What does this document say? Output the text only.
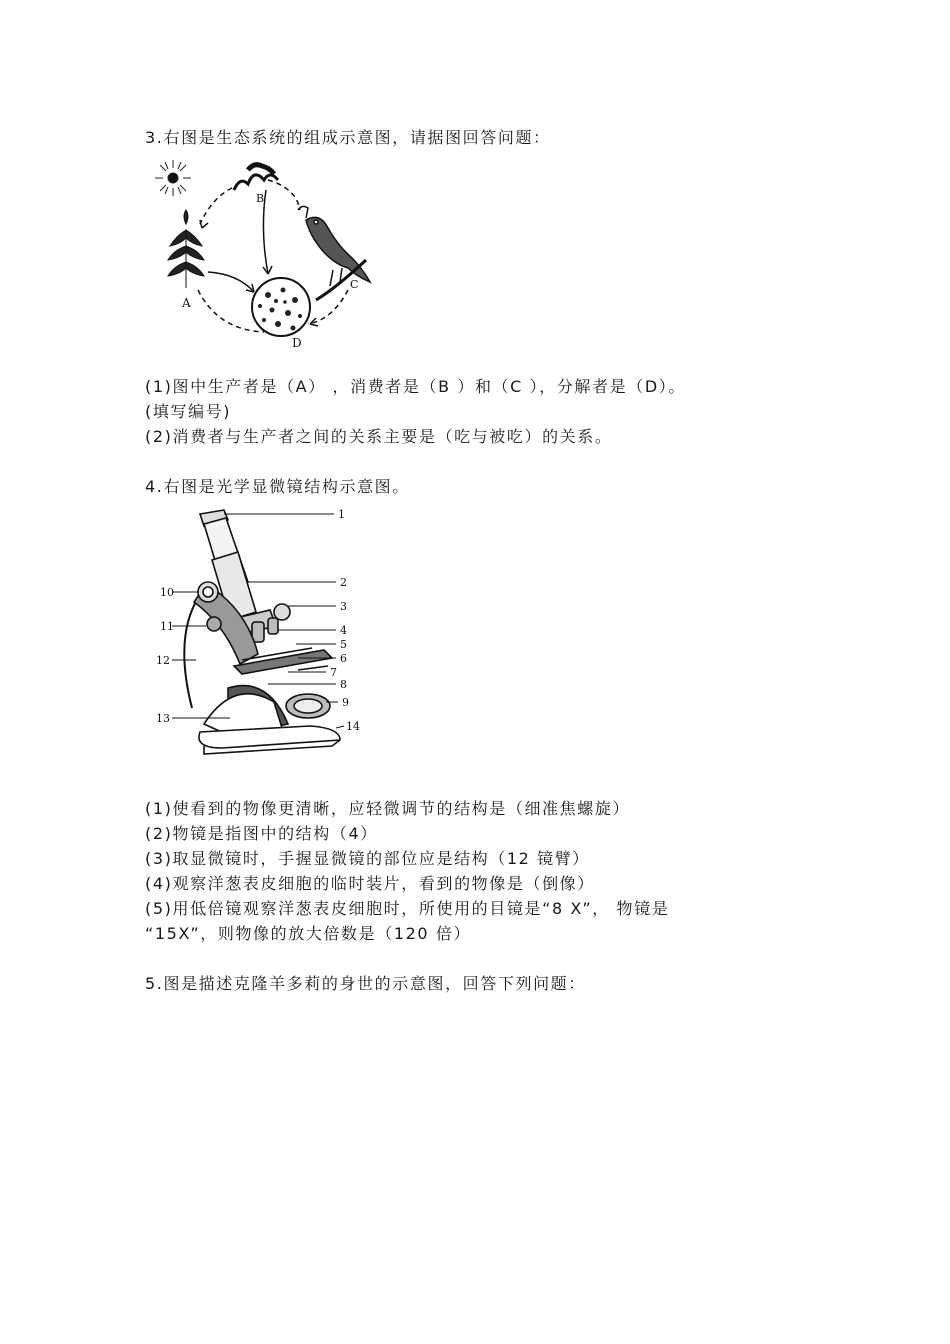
3.右图是生态系统的组成示意图，请据图回答问题：
A
B
C
D
(1)图中生产者是（A） ，消费者是（B ）和（C ），分解者是（D）。
(填写编号)
(2)消费者与生产者之间的关系主要是（吃与被吃）的关系。
4.右图是光学显微镜结构示意图。
1
2
3
4
5
6
7
8
9
10
11
12
13
14
(1)使看到的物像更清晰，应轻微调节的结构是（细准焦螺旋）
(2)物镜是指图中的结构（4）
(3)取显微镜时，手握显微镜的部位应是结构（12 镜臂）
(4)观察洋葱表皮细胞的临时装片，看到的物像是（倒像）
(5)用低倍镜观察洋葱表皮细胞时，所使用的目镜是“8 X”， 物镜是
“15X”，则物像的放大倍数是（120 倍）
5.图是描述克隆羊多莉的身世的示意图，回答下列问题：
